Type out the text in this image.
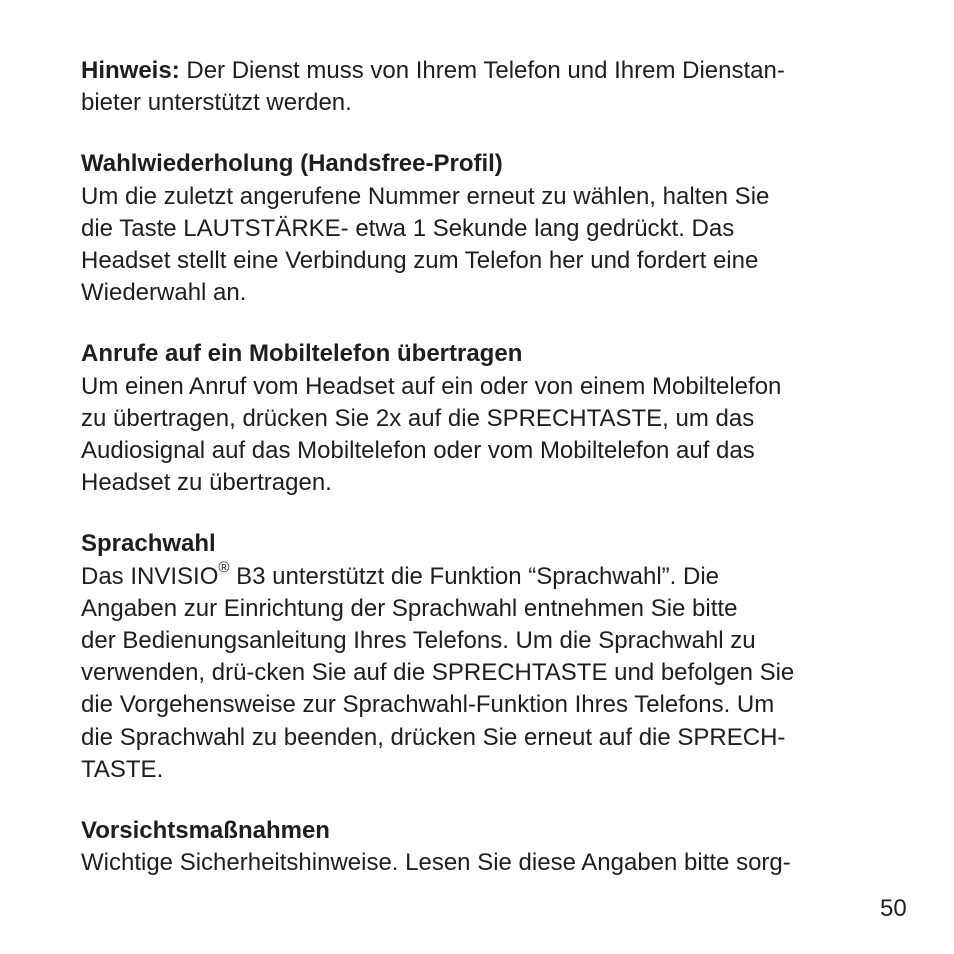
Hinweis: Der Dienst muss von Ihrem Telefon und Ihrem Dienstan-
bieter unterstützt werden.
Wahlwiederholung (Handsfree-Profil)
Um die zuletzt angerufene Nummer erneut zu wählen, halten Sie
die Taste LAUTSTÄRKE- etwa 1 Sekunde lang gedrückt. Das
Headset stellt eine Verbindung zum Telefon her und fordert eine
Wiederwahl an.
Anrufe auf ein Mobiltelefon übertragen
Um einen Anruf vom Headset auf ein oder von einem Mobiltelefon
zu übertragen, drücken Sie 2x auf die SPRECHTASTE, um das
Audiosignal auf das Mobiltelefon oder vom Mobiltelefon auf das
Headset zu übertragen.
Sprachwahl
Das INVISIO® B3 unterstützt die Funktion “Sprachwahl”. Die
Angaben zur Einrichtung der Sprachwahl entnehmen Sie bitte
der Bedienungsanleitung Ihres Telefons. Um die Sprachwahl zu
verwenden, drü-cken Sie auf die SPRECHTASTE und befolgen Sie
die Vorgehensweise zur Sprachwahl-Funktion Ihres Telefons. Um
die Sprachwahl zu beenden, drücken Sie erneut auf die SPRECH-
TASTE.
Vorsichtsmaßnahmen
Wichtige Sicherheitshinweise. Lesen Sie diese Angaben bitte sorg-
50
